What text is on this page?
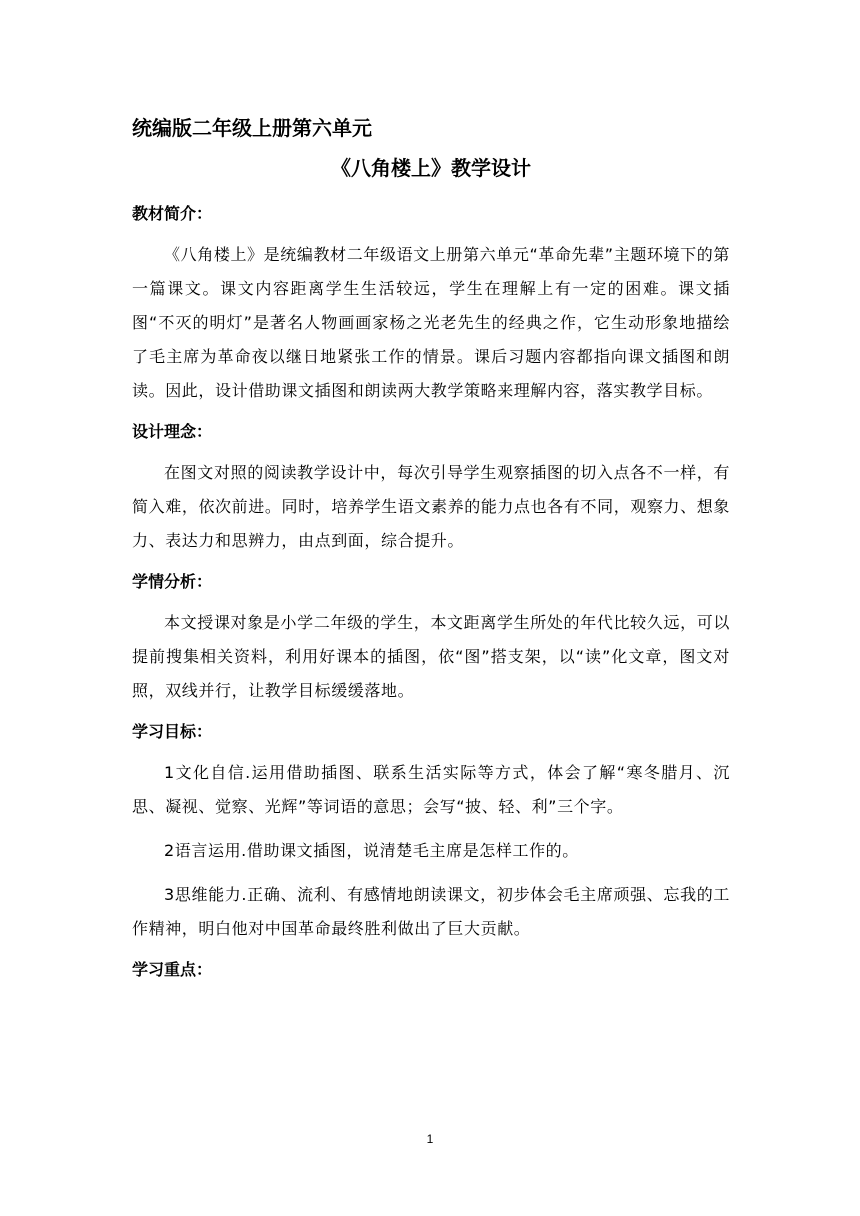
统编版二年级上册第六单元
《八角楼上》教学设计
教材简介：

《八角楼上》是统编教材二年级语文上册第六单元“革命先辈”主题环境下的第一篇课文。课文内容距离学生生活较远，学生在理解上有一定的困难。课文插图“不灭的明灯”是著名人物画画家杨之光老先生的经典之作，它生动形象地描绘了毛主席为革命夜以继日地紧张工作的情景。课后习题内容都指向课文插图和朗读。因此，设计借助课文插图和朗读两大教学策略来理解内容，落实教学目标。

设计理念：

在图文对照的阅读教学设计中，每次引导学生观察插图的切入点各不一样，有简入难，依次前进。同时，培养学生语文素养的能力点也各有不同，观察力、想象力、表达力和思辨力，由点到面，综合提升。

学情分析：

本文授课对象是小学二年级的学生，本文距离学生所处的年代比较久远，可以提前搜集相关资料，利用好课本的插图，依“图”搭支架，以“读”化文章，图文对照，双线并行，让教学目标缓缓落地。

学习目标：

1文化自信.运用借助插图、联系生活实际等方式，体会了解“寒冬腊月、沉思、凝视、觉察、光辉”等词语的意思；会写“披、轻、利”三个字。

2语言运用.借助课文插图，说清楚毛主席是怎样工作的。

3思维能力.正确、流利、有感情地朗读课文，初步体会毛主席顽强、忘我的工作精神，明白他对中国革命最终胜利做出了巨大贡献。

学习重点：
1
